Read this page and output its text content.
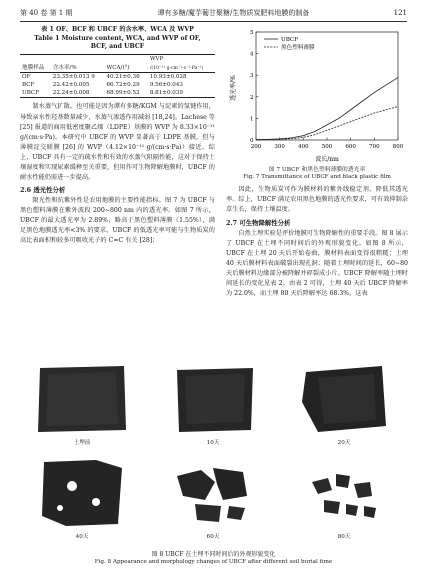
第 40 卷 第 1 期	谭有多糖/魔芋葡甘聚糖/生物质炭肥料地膜的制备	121
表 1 OF、BCF 和 UBCF 的含水率、WCA 及 WVP
Table 1 Moisture content, WCA, and WVP of OF,
BCF, and UBCF
地膜样品	含水率/%	WCA/(°)	WVP
/(10⁻¹¹ g·cm⁻¹·s⁻¹·Pa⁻¹)
OF	23.35±0.013 9	40.21±0.36	10.93±0.028
BCF	22.42±0.005	66.72±0.29	9.56±0.043
UBCF	22.24±0.008	68.99±0.52	8.81±0.039

制水蒸气扩散。也可能是因为谭有多糖/KGM 与淀素的氢键作用，导致亲水性羟基数量减少，水蒸气渗透作用减弱 [18,24]。Lachese 等 [25] 报道的商用低密度聚乙烯（LDPE）基膜的 WVP 为 8.33×10⁻¹¹ g/(cm·s·Pa)。本研究中 UBCF 的 WVP 显著高于 LDPE 基膜，但与薄膜淀交联膜 [26] 的 WVP（4.12×10⁻¹¹ g/(cm·s·Pa)）接近。综上，UBCF 具有一定的疏水性和有效的水蒸气阻隔性能，这对于保持土壤湿度和实现尿素缓释至关重要，但用作可生物降解地膜时，UBCF 的耐水性能仍需进一步提高。

2.6 透光性分析

限光性和抗紫外性是农用地膜的主要性能指标。图 7 为 UBCF 与黑色塑料薄膜在紫外波段 200~800 nm 内的透光率。如图 7 所示，UBCF 的最大透光率为 2.89%，略高于黑色塑料薄膜（1.55%），满足黑色地膜透光率<3% 的要求。UBCF 的低透光率可能与生物质炭的高比表面积和较多可吸收光子的 C=C 有关 [28]；

0
1
2
3
4
5
200 300 400 500 600 700 800
透光率/%
波长/nm
UBCF
黑色塑料薄膜
图 7 UBCF 和黑色塑料薄膜的透光率
Fig. 7 Transmittance of UBCF and black plastic film

因此，生物质炭可作为膜材料的紫外线稳定剂，降低其透光率。综上，UBCF 满足农用黑色地膜的透光性要求，可有效抑制杂草生长，保持土壤温度。

2.7 可生物降解性分析

自然土埋实验是评价地膜可生物降解性的重要手段。图 8 展示了 UBCF 在土埋不同时间后的外观形貌变化。如图 8 所示，UBCF 在土埋 20 天后开始卷曲，膜材料表面变得很粗糙；土埋 40 天后膜材料表面破裂出现孔洞；随着土埋时间的延长，60~80 天后膜材料边缘部分被降解并碎裂成小片。UBCF 降解率随土埋时间延长的变化见表 2。由表 2 可得，土埋 40 天后 UBCF 降解率为 22.0%，而土埋 80 天后降解率达 68.3%。这表

土埋前	10天	20天
40天	60天	80天
图 8 UBCF 在土埋不同时间后的外观形貌变化
Fig. 8 Appearance and morphology changes of UBCF after different soil burial time
